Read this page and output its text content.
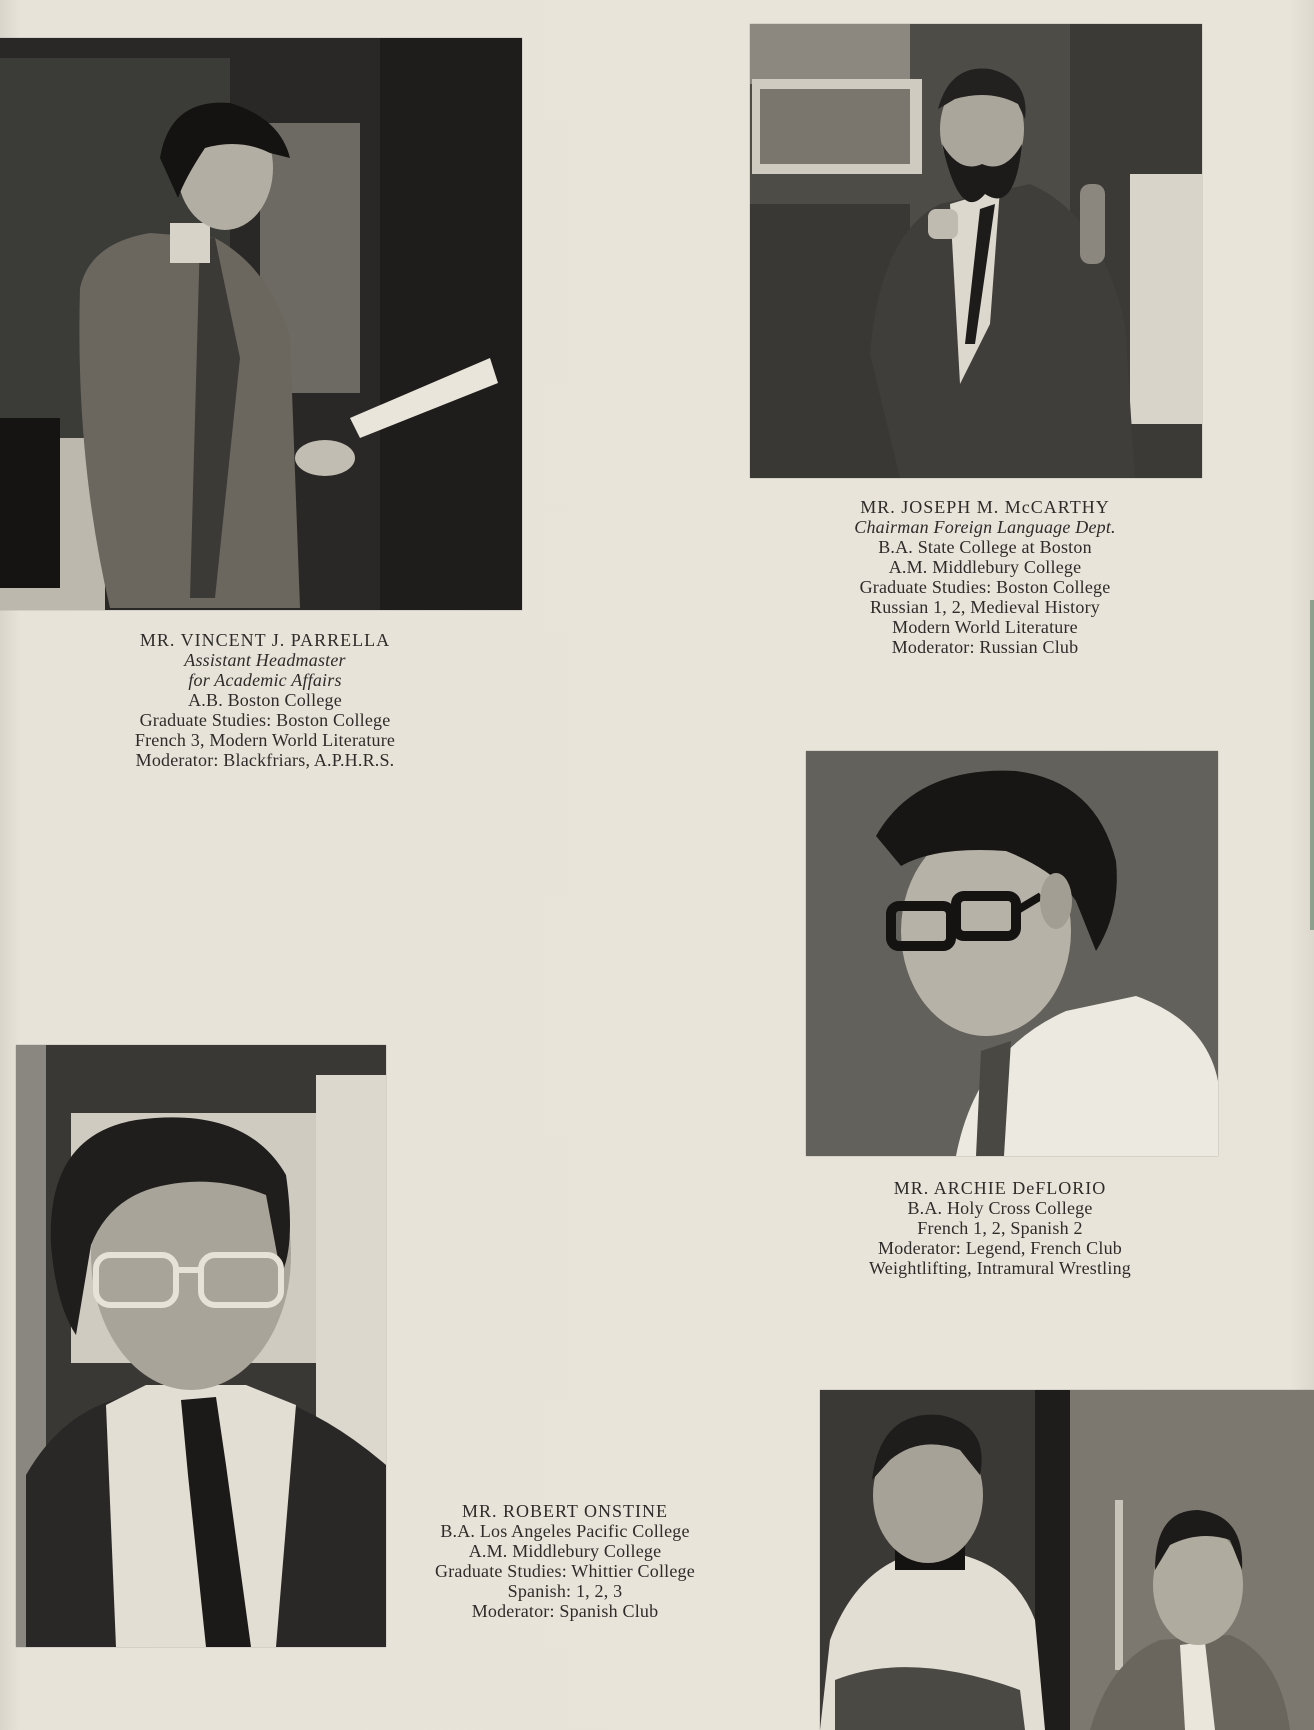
MR. VINCENT J. PARRELLA
Assistant Headmaster
for Academic Affairs
A.B. Boston College
Graduate Studies: Boston College
French 3, Modern World Literature
Moderator: Blackfriars, A.P.H.R.S.
MR. JOSEPH M. McCARTHY
Chairman Foreign Language Dept.
B.A. State College at Boston
A.M. Middlebury College
Graduate Studies: Boston College
Russian 1, 2, Medieval History
Modern World Literature
Moderator: Russian Club
MR. ARCHIE DeFLORIO
B.A. Holy Cross College
French 1, 2, Spanish 2
Moderator: Legend, French Club
Weightlifting, Intramural Wrestling
MR. ROBERT ONSTINE
B.A. Los Angeles Pacific College
A.M. Middlebury College
Graduate Studies: Whittier College
Spanish: 1, 2, 3
Moderator: Spanish Club
